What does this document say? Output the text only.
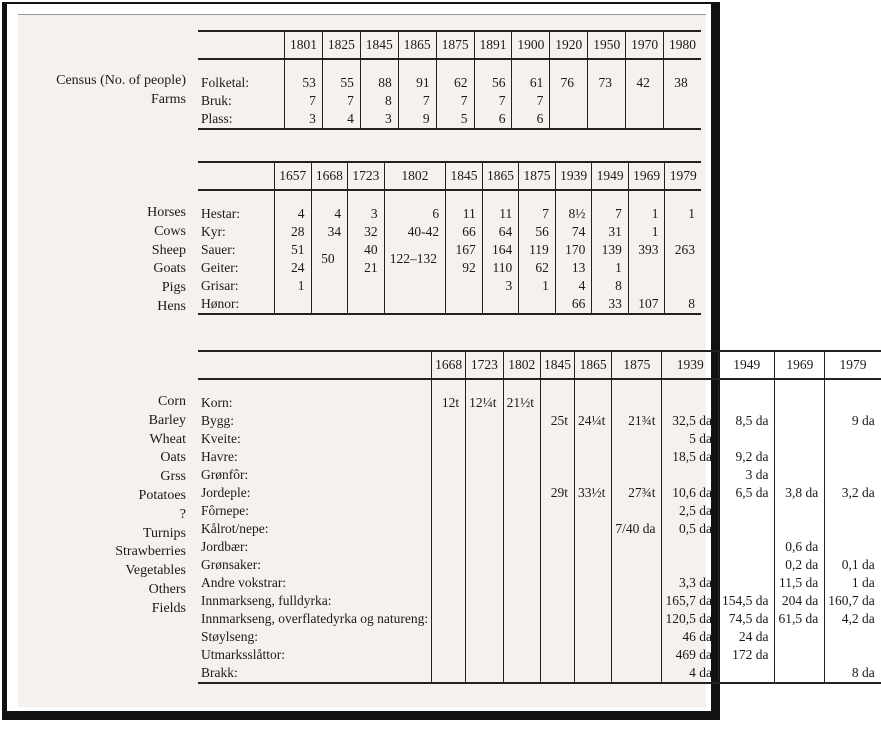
Census (No. of people)
Farms
	1801	1825	1845	1865	1875	1891	1900	1920	1950	1970	1980

Folketal:	53	55	88	91	62	56	61	76	73	42	38
Bruk:	7	7	8	7	7	7	7				
Plass:	3	4	3	9	5	6	6				
Horses
Cows
Sheep
Goats
Pigs
Hens
	1657	1668	1723	1802	1845	1865	1875	1939	1949	1969	1979

Hestar:	4	4	3	6	11	11	7	8½	7	1	1
Kyr:	28	34	32	40-42	66	64	56	74	31	1	
Sauer:	51	50	40	122–132	167	164	119	170	139	393	263
Geiter:	24		21		92	110	62	13	1		
Grisar:	1					3	1	4	8		
Hønor:								66	33	107	8
Corn
Barley
Wheat
Oats
Grss
Potatoes
?
Turnips
Strawberries
Vegetables
Others
Fields
	1668	1723	1802	1845	1865	1875	1939	1949	1969	1979

Korn:	12t	12¼t	21½t							
Bygg:				25t	24¼t	21¾t	32,5 da	8,5 da		9 da
Kveite:							5 da			
Havre:							18,5 da	9,2 da		
Grønfôr:								3 da		
Jordeple:				29t	33½t	27¾t	10,6 da	6,5 da	3,8 da	3,2 da
Fôrnepe:							2,5 da			
Kålrot/nepe:						7/40 da	0,5 da			
Jordbær:									0,6 da	
Grønsaker:									0,2 da	0,1 da
Andre vokstrar:							3,3 da		11,5 da	1 da
Innmarkseng, fulldyrka:							165,7 da	154,5 da	204 da	160,7 da
Innmarkseng, overflatedyrka og natureng:							120,5 da	74,5 da	61,5 da	4,2 da
Støylseng:							46 da	24 da		
Utmarksslåttor:							469 da	172 da		
Brakk:							4 da			8 da
